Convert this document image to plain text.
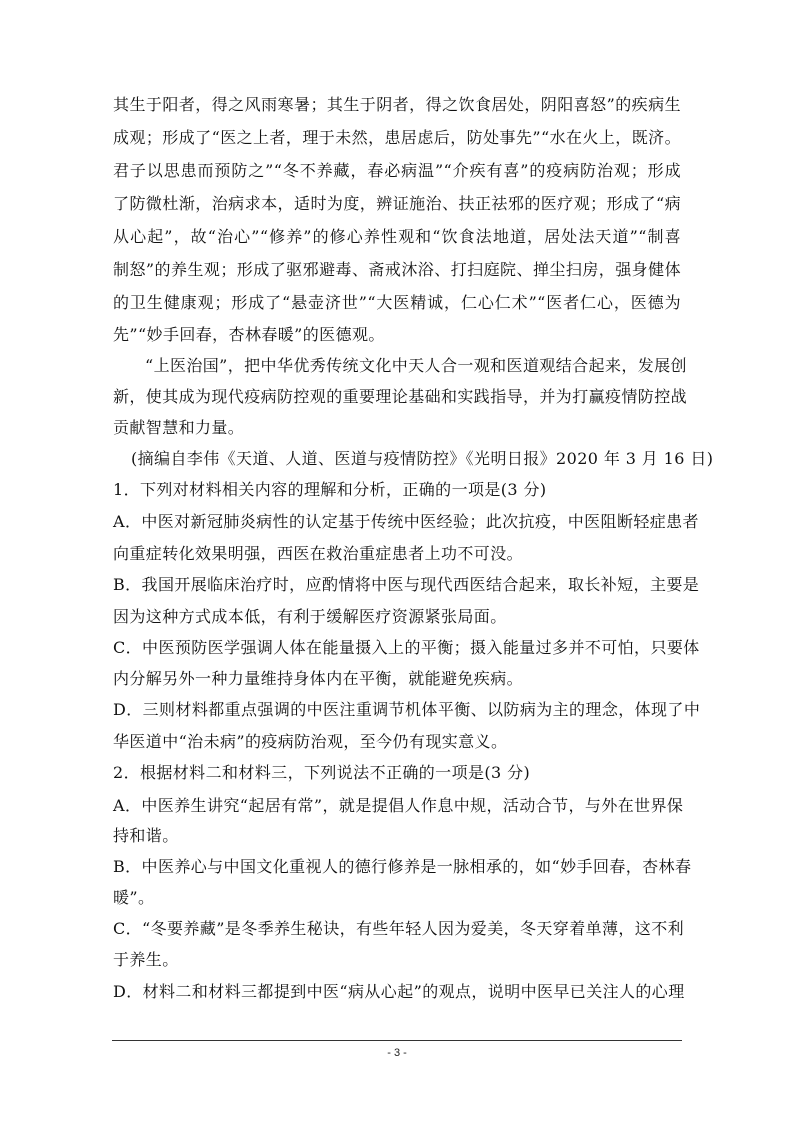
其生于阳者，得之风雨寒暑；其生于阴者，得之饮食居处，阴阳喜怒”的疾病生
成观；形成了“医之上者，理于未然，患居虑后，防处事先”“水在火上，既济。
君子以思患而预防之”“冬不养藏，春必病温”“介疾有喜”的疫病防治观；形成
了防微杜渐，治病求本，适时为度，辨证施治、扶正祛邪的医疗观；形成了“病
从心起”，故“治心”“修养”的修心养性观和“饮食法地道，居处法天道”“制喜
制怒”的养生观；形成了驱邪避毒、斋戒沐浴、打扫庭院、掸尘扫房，强身健体
的卫生健康观；形成了“悬壶济世”“大医精诚，仁心仁术”“医者仁心，医德为
先”“妙手回春，杏林春暖”的医德观。
“上医治国”，把中华优秀传统文化中天人合一观和医道观结合起来，发展创
新，使其成为现代疫病防控观的重要理论基础和实践指导，并为打赢疫情防控战
贡献智慧和力量。
(摘编自李伟《天道、人道、医道与疫情防控》《光明日报》2020 年 3 月 16 日)
1．下列对材料相关内容的理解和分析，正确的一项是(3 分)
A．中医对新冠肺炎病性的认定基于传统中医经验；此次抗疫，中医阻断轻症患者
向重症转化效果明强，西医在救治重症患者上功不可没。
B．我国开展临床治疗时，应酌情将中医与现代西医结合起来，取长补短，主要是
因为这种方式成本低，有利于缓解医疗资源紧张局面。
C．中医预防医学强调人体在能量摄入上的平衡；摄入能量过多并不可怕，只要体
内分解另外一种力量维持身体内在平衡，就能避免疾病。
D．三则材料都重点强调的中医注重调节机体平衡、以防病为主的理念，体现了中
华医道中“治未病”的疫病防治观，至今仍有现实意义。
2．根据材料二和材料三，下列说法不正确的一项是(3 分)
A．中医养生讲究“起居有常”，就是提倡人作息中规，活动合节，与外在世界保
持和谐。
B．中医养心与中国文化重视人的德行修养是一脉相承的，如“妙手回春，杏林春
暖”。
C．“冬要养藏”是冬季养生秘诀，有些年轻人因为爱美，冬天穿着单薄，这不利
于养生。
D．材料二和材料三都提到中医“病从心起”的观点，说明中医早已关注人的心理
- 3 -
